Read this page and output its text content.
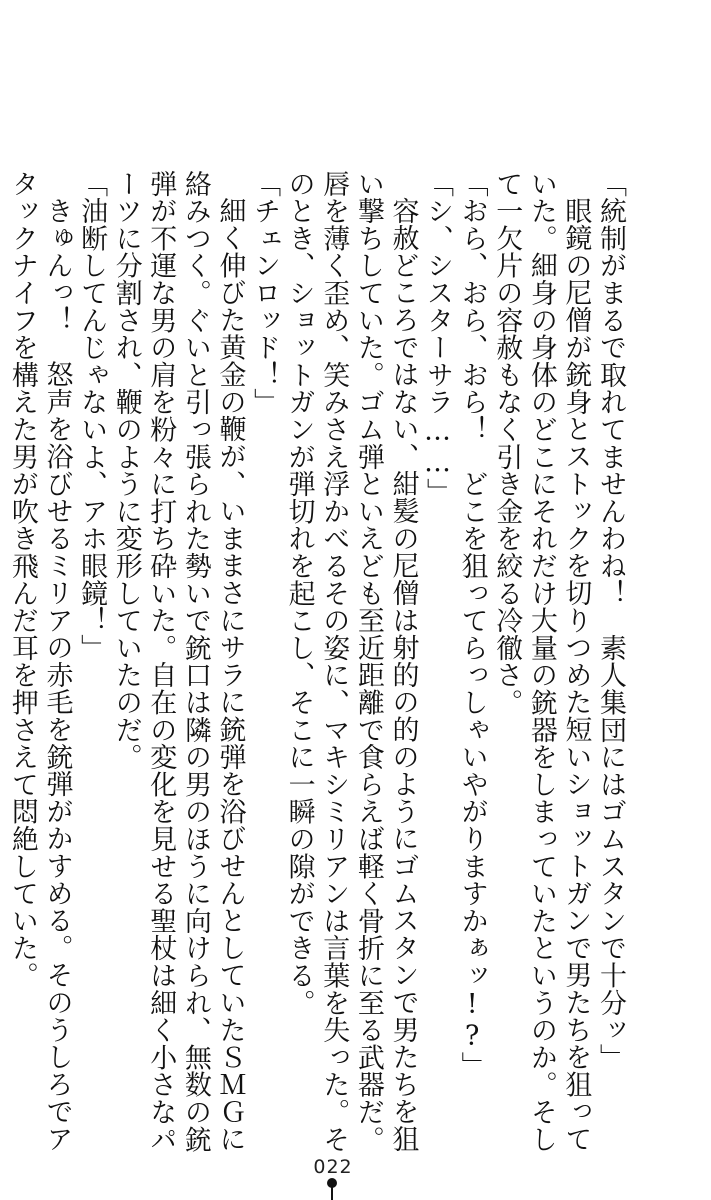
「統制がまるで取れてませんわね！　素人集団にはゴムスタンで十分ッ」

眼鏡の尼僧が銃身とストックを切りつめた短いショットガンで男たちを狙っていた。細身の身体のどこにそれだけ大量の銃器をしまっていたというのか。そして一欠片の容赦もなく引き金を絞る冷徹さ。

「おら、おら、おら！　どこを狙ってらっしゃいやがりますかぁッ!?」

「シ、シスターサラ……」

容赦どころではない、紺髪の尼僧は射的の的のようにゴムスタンで男たちを狙い撃ちしていた。ゴム弾といえども至近距離で食らえば軽く骨折に至る武器だ。唇を薄く歪め、笑みさえ浮かべるその姿に、マキシミリアンは言葉を失った。そのとき、ショットガンが弾切れを起こし、そこに一瞬の隙ができる。

「チェンロッド！」

細く伸びた黄金の鞭が、いままさにサラに銃弾を浴びせんとしていたＳＭＧに絡みつく。ぐいと引っ張られた勢いで銃口は隣の男のほうに向けられ、無数の銃弾が不運な男の肩を粉々に打ち砕いた。自在の変化を見せる聖杖は細く小さなパーツに分割され、鞭のように変形していたのだ。

「油断してんじゃないよ、アホ眼鏡！」

きゅんっ！　怒声を浴びせるミリアの赤毛を銃弾がかすめる。そのうしろでアタックナイフを構えた男が吹き飛んだ耳を押さえて悶絶していた。

022
